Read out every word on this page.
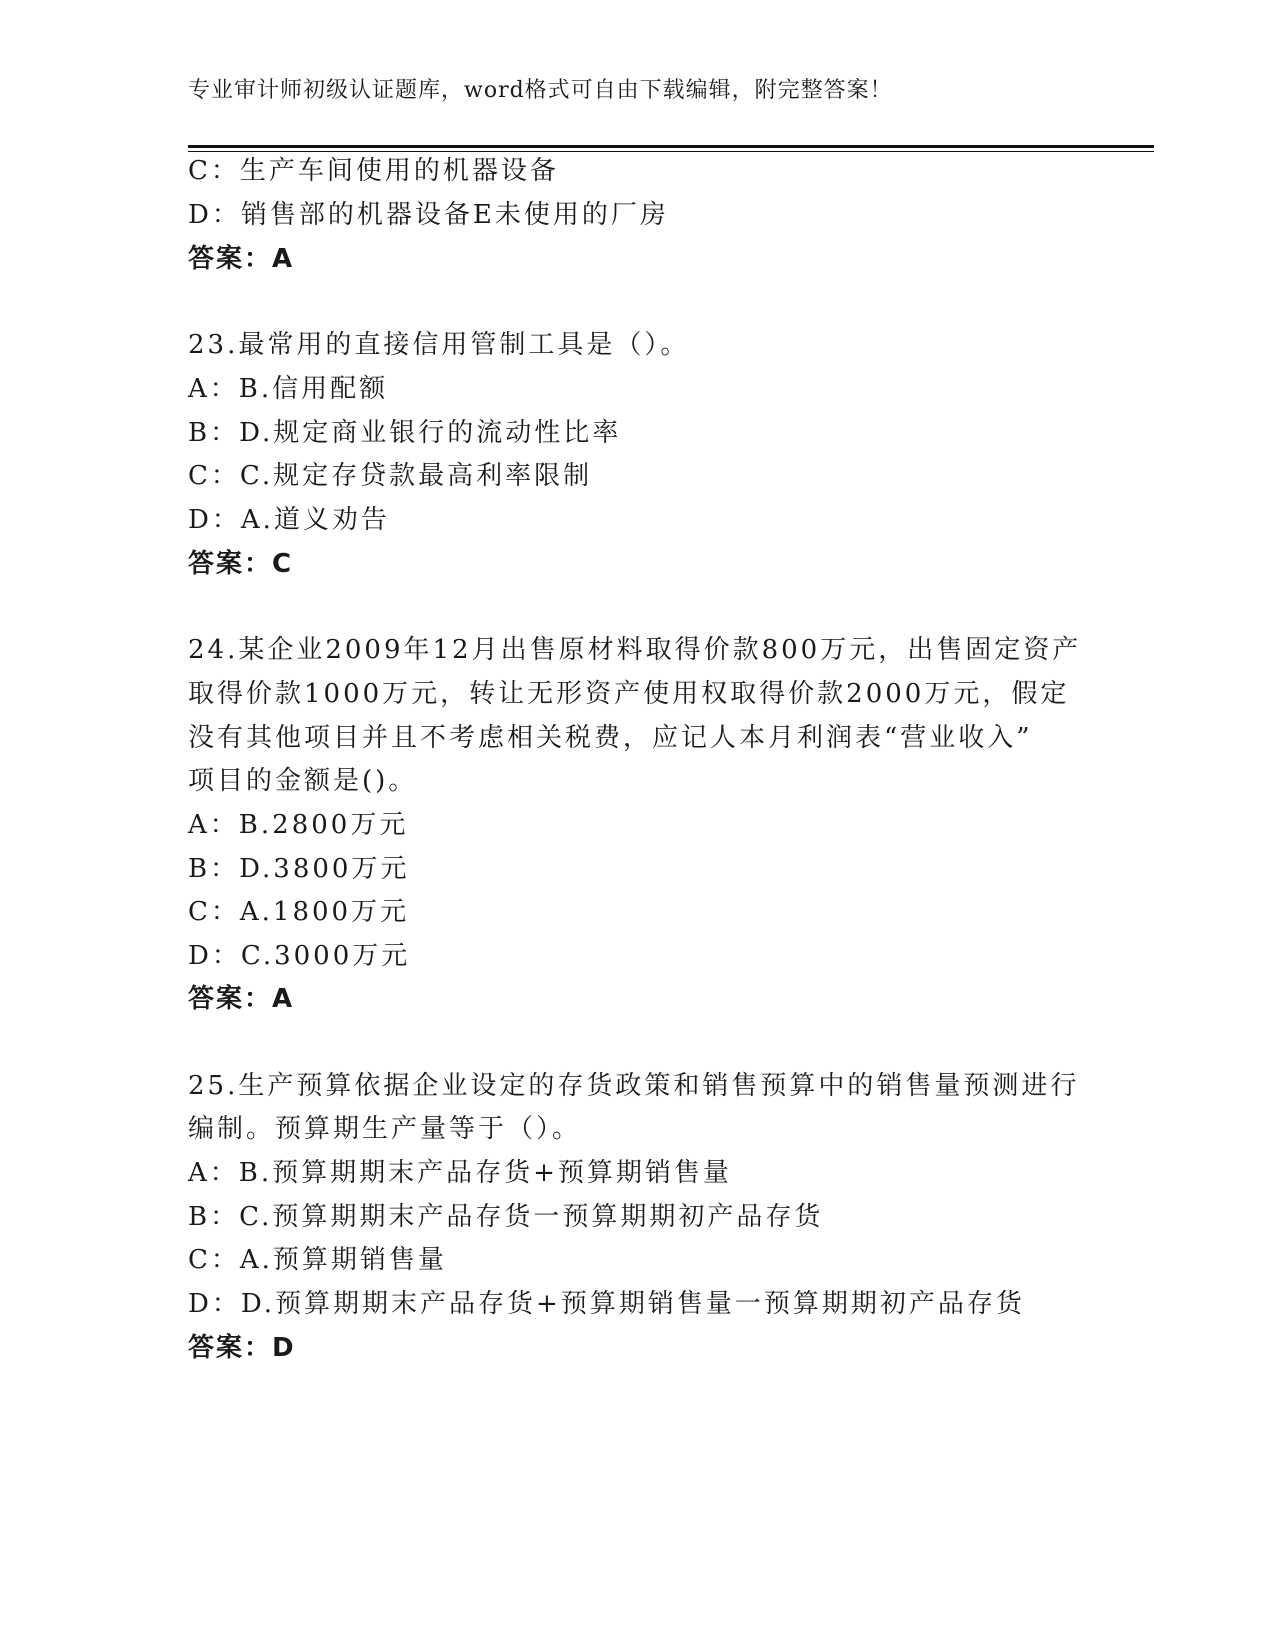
专业审计师初级认证题库，word格式可自由下载编辑，附完整答案！
C：生产车间使用的机器设备
D：销售部的机器设备E未使用的厂房
答案：A
23.最常用的直接信用管制工具是（）。
A：B.信用配额
B：D.规定商业银行的流动性比率
C：C.规定存贷款最高利率限制
D：A.道义劝告
答案：C
24.某企业2009年12月出售原材料取得价款800万元，出售固定资产
取得价款1000万元，转让无形资产使用权取得价款2000万元，假定
没有其他项目并且不考虑相关税费，应记人本月利润表“营业收入”
项目的金额是()。
A：B.2800万元
B：D.3800万元
C：A.1800万元
D：C.3000万元
答案：A
25.生产预算依据企业设定的存货政策和销售预算中的销售量预测进行
编制。预算期生产量等于（）。
A：B.预算期期末产品存货+预算期销售量
B：C.预算期期末产品存货一预算期期初产品存货
C：A.预算期销售量
D：D.预算期期末产品存货+预算期销售量一预算期期初产品存货
答案：D
